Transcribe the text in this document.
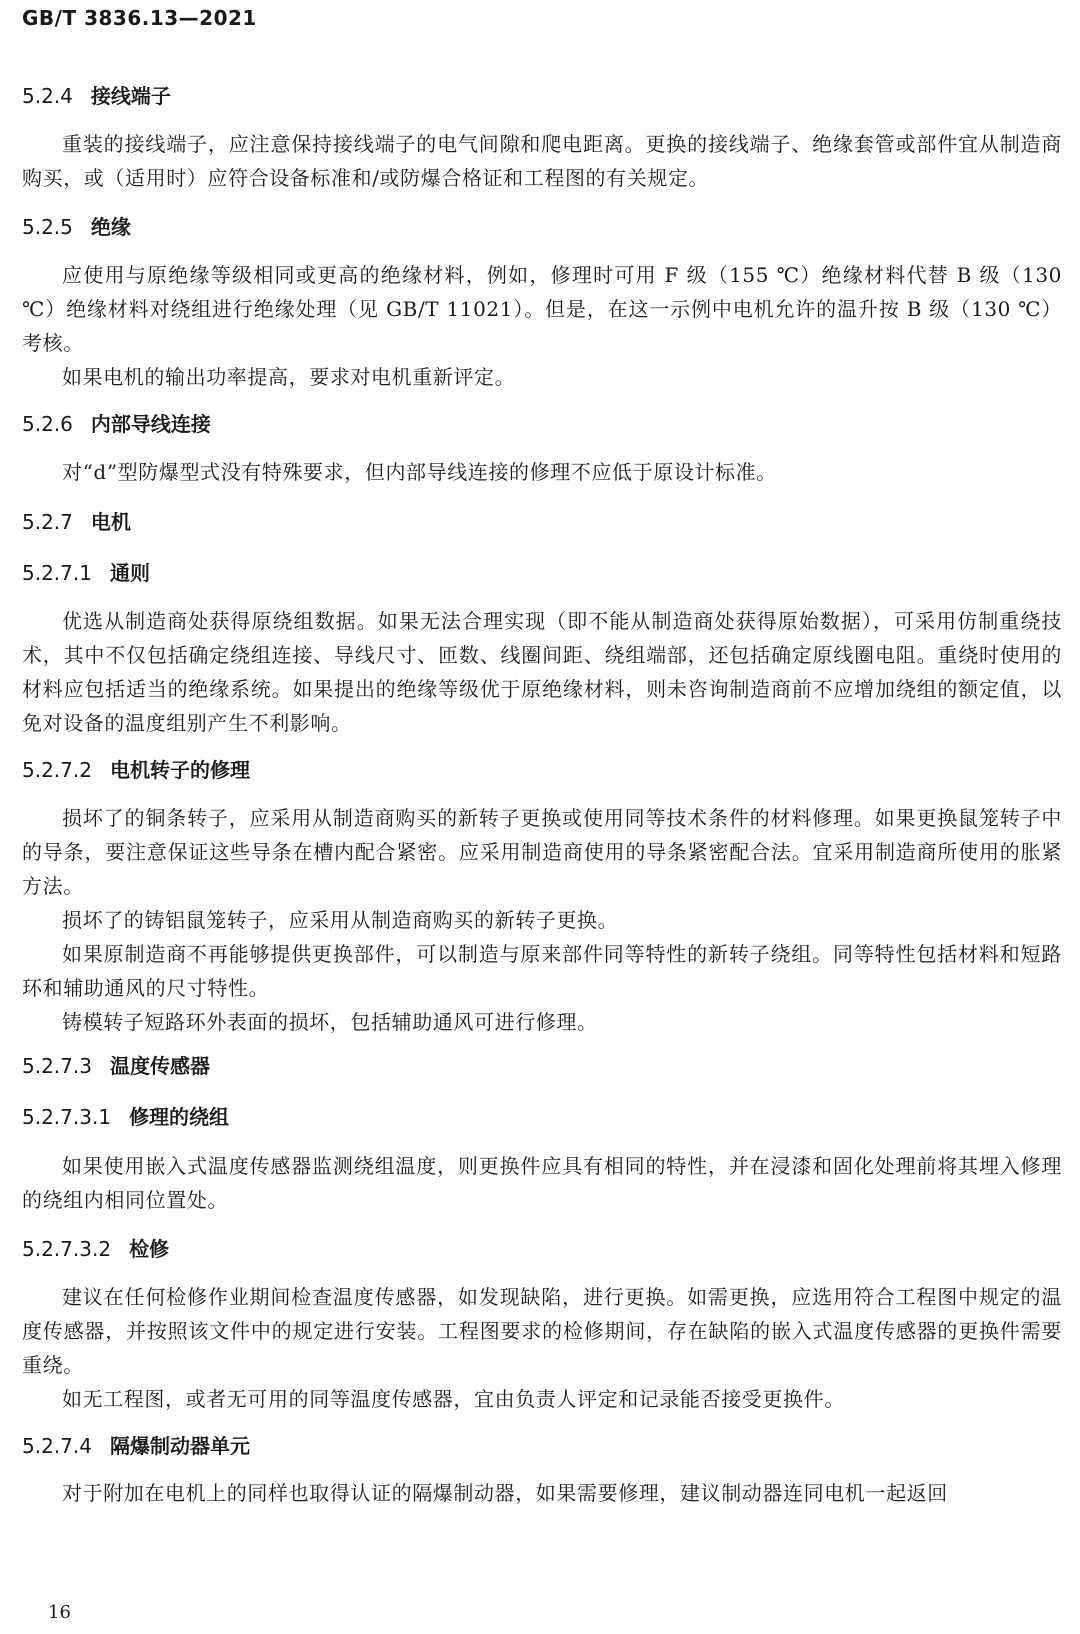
GB/T 3836.13—2021
5.2.4 接线端子

重装的接线端子，应注意保持接线端子的电气间隙和爬电距离。更换的接线端子、绝缘套管或部件宜从制造商购买，或（适用时）应符合设备标准和/或防爆合格证和工程图的有关规定。

5.2.5 绝缘

应使用与原绝缘等级相同或更高的绝缘材料，例如，修理时可用 F 级（155 ℃）绝缘材料代替 B 级（130 ℃）绝缘材料对绕组进行绝缘处理（见 GB/T 11021）。但是，在这一示例中电机允许的温升按 B 级（130 ℃）考核。

如果电机的输出功率提高，要求对电机重新评定。

5.2.6 内部导线连接

对“d”型防爆型式没有特殊要求，但内部导线连接的修理不应低于原设计标准。

5.2.7 电机
5.2.7.1 通则

优选从制造商处获得原绕组数据。如果无法合理实现（即不能从制造商处获得原始数据），可采用仿制重绕技术，其中不仅包括确定绕组连接、导线尺寸、匝数、线圈间距、绕组端部，还包括确定原线圈电阻。重绕时使用的材料应包括适当的绝缘系统。如果提出的绝缘等级优于原绝缘材料，则未咨询制造商前不应增加绕组的额定值，以免对设备的温度组别产生不利影响。

5.2.7.2 电机转子的修理

损坏了的铜条转子，应采用从制造商购买的新转子更换或使用同等技术条件的材料修理。如果更换鼠笼转子中的导条，要注意保证这些导条在槽内配合紧密。应采用制造商使用的导条紧密配合法。宜采用制造商所使用的胀紧方法。

损坏了的铸铝鼠笼转子，应采用从制造商购买的新转子更换。

如果原制造商不再能够提供更换部件，可以制造与原来部件同等特性的新转子绕组。同等特性包括材料和短路环和辅助通风的尺寸特性。

铸模转子短路环外表面的损坏，包括辅助通风可进行修理。

5.2.7.3 温度传感器
5.2.7.3.1 修理的绕组

如果使用嵌入式温度传感器监测绕组温度，则更换件应具有相同的特性，并在浸漆和固化处理前将其埋入修理的绕组内相同位置处。

5.2.7.3.2 检修

建议在任何检修作业期间检查温度传感器，如发现缺陷，进行更换。如需更换，应选用符合工程图中规定的温度传感器，并按照该文件中的规定进行安装。工程图要求的检修期间，存在缺陷的嵌入式温度传感器的更换件需要重绕。

如无工程图，或者无可用的同等温度传感器，宜由负责人评定和记录能否接受更换件。

5.2.7.4 隔爆制动器单元

对于附加在电机上的同样也取得认证的隔爆制动器，如果需要修理，建议制动器连同电机一起返回

16
